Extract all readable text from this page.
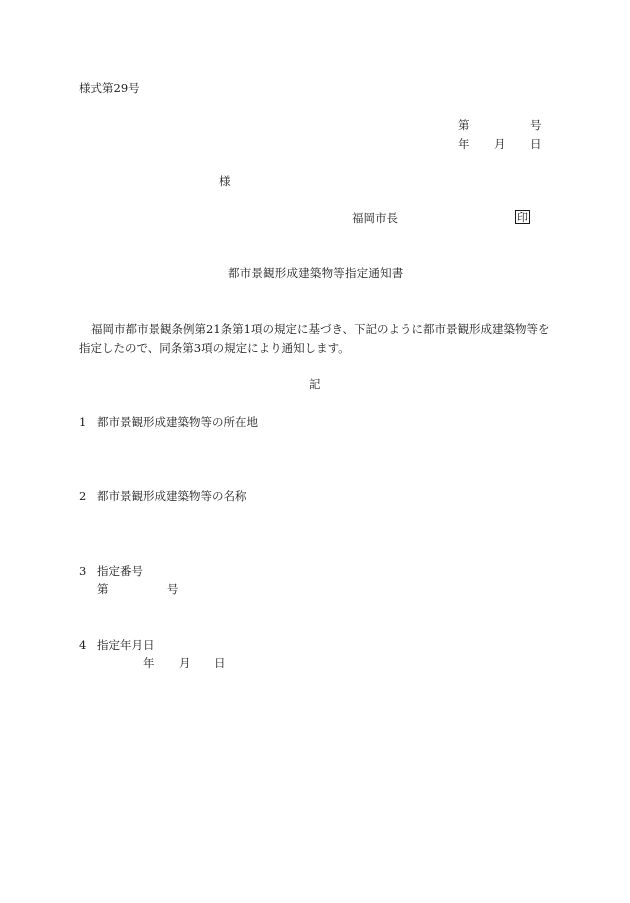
様式第29号
第	号
年 月 日
様
福岡市長	印
都市景観形成建築物等指定通知書
福岡市都市景観条例第21条第1項の規定に基づき、下記のように都市景観形成建築物等を
指定したので、同条第3項の規定により通知します。
記
1 都市景観形成建築物等の所在地
2 都市景観形成建築物等の名称
3 指定番号
第	号
4 指定年月日
年 月 日
